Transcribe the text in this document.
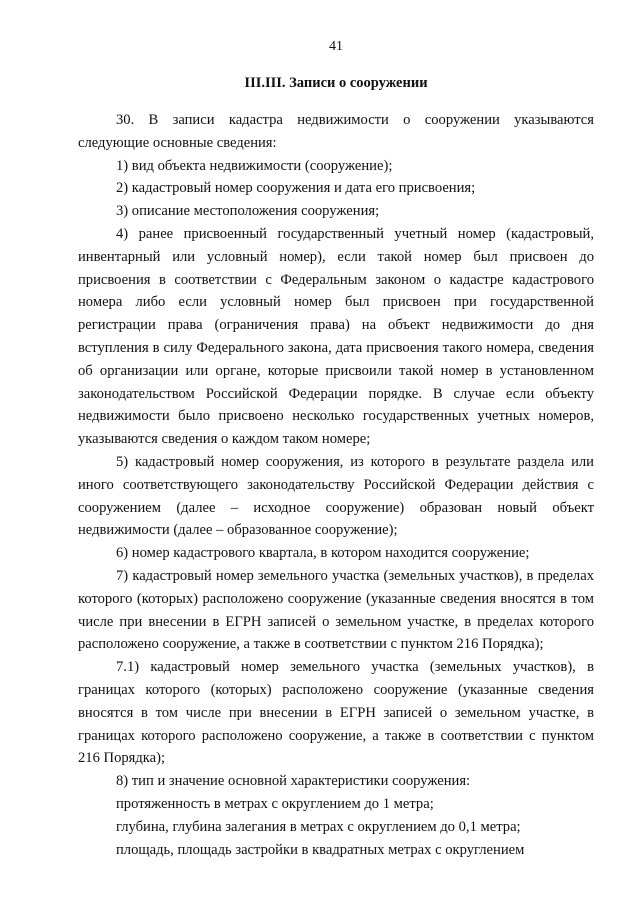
41
III.III. Записи о сооружении

30. В записи кадастра недвижимости о сооружении указываются следующие основные сведения:

1) вид объекта недвижимости (сооружение);

2) кадастровый номер сооружения и дата его присвоения;

3) описание местоположения сооружения;

4) ранее присвоенный государственный учетный номер (кадастровый, инвентарный или условный номер), если такой номер был присвоен до присвоения в соответствии с Федеральным законом о кадастре кадастрового номера либо если условный номер был присвоен при государственной регистрации права (ограничения права) на объект недвижимости до дня вступления в силу Федерального закона, дата присвоения такого номера, сведения об организации или органе, которые присвоили такой номер в установленном законодательством Российской Федерации порядке. В случае если объекту недвижимости было присвоено несколько государственных учетных номеров, указываются сведения о каждом таком номере;

5) кадастровый номер сооружения, из которого в результате раздела или иного соответствующего законодательству Российской Федерации действия с сооружением (далее – исходное сооружение) образован новый объект недвижимости (далее – образованное сооружение);

6) номер кадастрового квартала, в котором находится сооружение;

7) кадастровый номер земельного участка (земельных участков), в пределах которого (которых) расположено сооружение (указанные сведения вносятся в том числе при внесении в ЕГРН записей о земельном участке, в пределах которого расположено сооружение, а также в соответствии с пунктом 216 Порядка);

7.1) кадастровый номер земельного участка (земельных участков), в границах которого (которых) расположено сооружение (указанные сведения вносятся в том числе при внесении в ЕГРН записей о земельном участке, в границах которого расположено сооружение, а также в соответствии с пунктом 216 Порядка);

8) тип и значение основной характеристики сооружения:

протяженность в метрах с округлением до 1 метра;

глубина, глубина залегания в метрах с округлением до 0,1 метра;

площадь, площадь застройки в квадратных метрах с округлением
